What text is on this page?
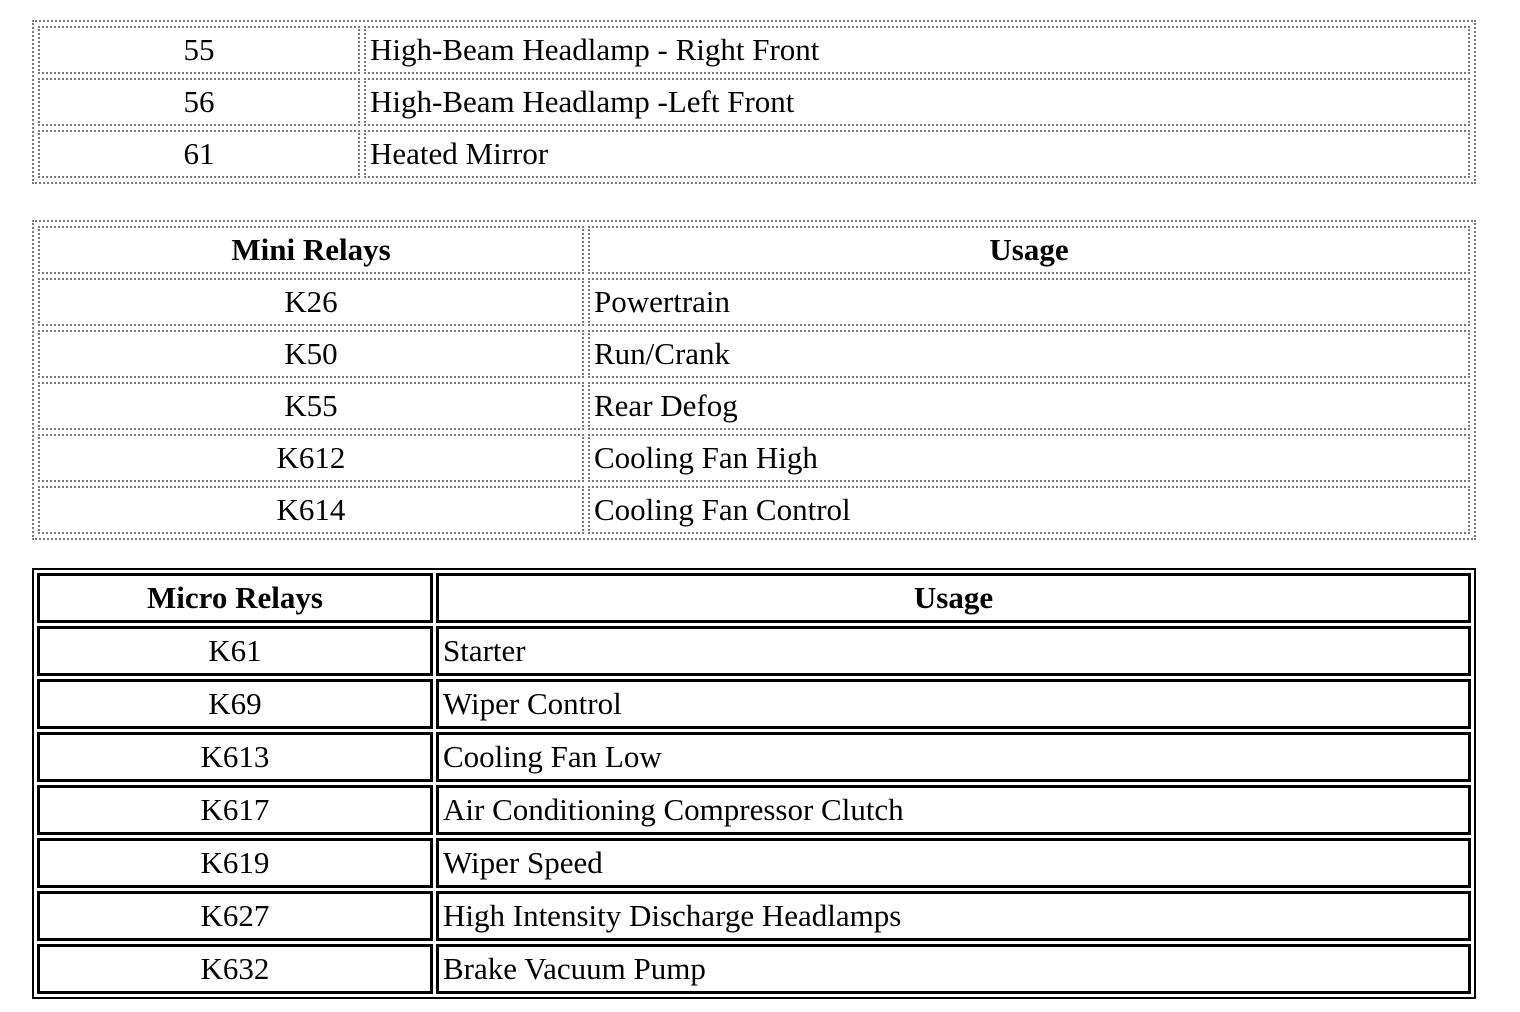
55	High-Beam Headlamp - Right Front
56	High-Beam Headlamp -Left Front
61	Heated Mirror
Mini Relays	Usage
K26	Powertrain
K50	Run/Crank
K55	Rear Defog
K612	Cooling Fan High
K614	Cooling Fan Control
Micro Relays	Usage
K61	Starter
K69	Wiper Control
K613	Cooling Fan Low
K617	Air Conditioning Compressor Clutch
K619	Wiper Speed
K627	High Intensity Discharge Headlamps
K632	Brake Vacuum Pump
